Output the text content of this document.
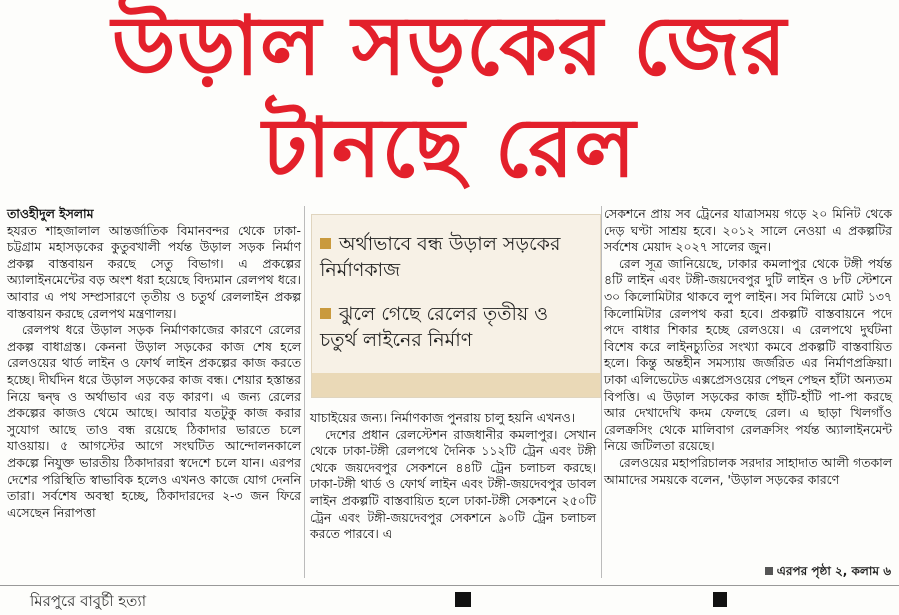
উড়াল সড়কের জের
টানছে রেল
তাওহীদুল ইসলাম

হযরত শাহজালাল আন্তর্জাতিক বিমানবন্দর থেকে ঢাকা-চট্টগ্রাম মহাসড়কের কুতুবখালী পর্যন্ত উড়াল সড়ক নির্মাণ প্রকল্প বাস্তবায়ন করছে সেতু বিভাগ। এ প্রকল্পের অ্যালাইনমেন্টের বড় অংশ ধরা হয়েছে বিদ্যমান রেলপথ ধরে। আবার এ পথ সম্প্রসারণে তৃতীয় ও চতুর্থ রেললাইন প্রকল্প বাস্তবায়ন করছে রেলপথ মন্ত্রণালয়।

রেলপথ ধরে উড়াল সড়ক নির্মাণকাজের কারণে রেলের প্রকল্প বাধাগ্রস্ত। কেননা উড়াল সড়কের কাজ শেষ হলে রেলওয়ের থার্ড লাইন ও ফোর্থ লাইন প্রকল্পের কাজ করতে হচ্ছে। দীর্ঘদিন ধরে উড়াল সড়কের কাজ বন্ধ। শেয়ার হস্তান্তর নিয়ে দ্বন্দ্ব ও অর্থাভাব এর বড় কারণ। এ জন্য রেলের প্রকল্পের কাজও থেমে আছে। আবার যতটুকু কাজ করার সুযোগ আছে তাও বন্ধ রয়েছে ঠিকাদার ভারতে চলে যাওয়ায়। ৫ আগস্টের আগে সংঘটিত আন্দোলনকালে প্রকল্পে নিযুক্ত ভারতীয় ঠিকাদাররা স্বদেশে চলে যান। এরপর দেশের পরিস্থিতি স্বাভাবিক হলেও এখনও কাজে যোগ দেননি তারা। সর্বশেষ অবস্থা হচ্ছে, ঠিকাদারদের ২-৩ জন ফিরে এসেছেন নিরাপত্তা

অর্থাভাবে বন্ধ উড়াল সড়কের নির্মাণকাজ
ঝুলে গেছে রেলের তৃতীয় ও চতুর্থ লাইনের নির্মাণ

যাচাইয়ের জন্য। নির্মাণকাজ পুনরায় চালু হয়নি এখনও।

দেশের প্রধান রেলস্টেশন রাজধানীর কমলাপুর। সেখান থেকে ঢাকা-টঙ্গী রেলপথে দৈনিক ১১২টি ট্রেন এবং টঙ্গী থেকে জয়দেবপুর সেকশনে ৪৪টি ট্রেন চলাচল করছে। ঢাকা-টঙ্গী থার্ড ও ফোর্থ লাইন এবং টঙ্গী-জয়দেবপুর ডাবল লাইন প্রকল্পটি বাস্তবায়িত হলে ঢাকা-টঙ্গী সেকশনে ২৫০টি ট্রেন এবং টঙ্গী-জয়দেবপুর সেকশনে ৯০টি ট্রেন চলাচল করতে পারবে। এ

সেকশনে প্রায় সব ট্রেনের যাত্রাসময় গড়ে ২০ মিনিট থেকে দেড় ঘণ্টা সাশ্রয় হবে। ২০১২ সালে নেওয়া এ প্রকল্পটির সর্বশেষ মেয়াদ ২০২৭ সালের জুন।

রেল সূত্র জানিয়েছে, ঢাকার কমলাপুর থেকে টঙ্গী পর্যন্ত ৪টি লাইন এবং টঙ্গী-জয়দেবপুর দুটি লাইন ও ৮টি স্টেশনে ৩০ কিলোমিটার থাকবে লুপ লাইন। সব মিলিয়ে মোট ১৩৭ কিলোমিটার রেলপথ করা হবে। প্রকল্পটি বাস্তবায়নে পদে পদে বাধার শিকার হচ্ছে রেলওয়ে। এ রেলপথে দুর্ঘটনা বিশেষ করে লাইনচ্যুতির সংখ্যা কমবে প্রকল্পটি বাস্তবায়িত হলে। কিন্তু অন্তহীন সমস্যায় জর্জরিত এর নির্মাণপ্রক্রিয়া। ঢাকা এলিভেটেড এক্সপ্রেসওয়ের পেছন পেছন হাঁটা অন্যতম বিপত্তি। এ উড়াল সড়কের কাজ হাঁটি-হাঁটি পা-পা করছে আর দেখাদেখি কদম ফেলছে রেল। এ ছাড়া খিলগাঁও রেলক্রসিং থেকে মালিবাগ রেলক্রসিং পর্যন্ত অ্যালাইনমেন্ট নিয়ে জটিলতা রয়েছে।

রেলওয়ের মহাপরিচালক সরদার সাহাদাত আলী গতকাল আমাদের সময়কে বলেন, 'উড়াল সড়কের কারণে

এরপর পৃষ্ঠা ২, কলাম ৬
মিরপুরে বাবুর্চী হত্যা
